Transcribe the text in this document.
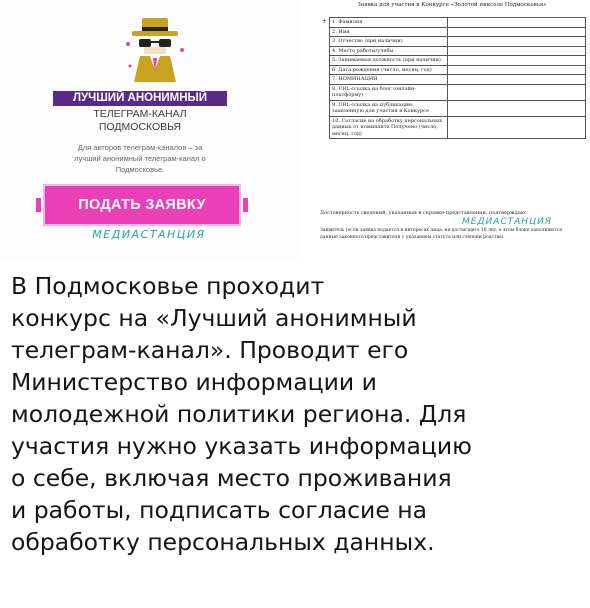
ЛУЧШИЙ АНОНИМНЫЙ
ТЕЛЕГРАМ-КАНАЛ
ПОДМОСКОВЬЯ
Для авторов телеграм-каналов – за
лучший анонимный телеграм-канал о
Подмосковье.
ПОДАТЬ ЗАЯВКУ
МЕДИАСТАНЦИЯ
Заявка для участия в Конкурсе «Золотой пиксель Подмосковья»
+	1. Фамилия	
	2. Имя	
	3. Отчество (при наличии)	
	4. Место работы/учебы	
	5. Занимаемая должность (при наличии)	
	6. Дата рождения (число, месяц, год)	
	7. НОМИНАЦИЯ	
	8. URL-ссылка на блог (онлайн-платформу)	
	9. URL-ссылка на публикацию, заявленную для участия в Конкурсе	
	10. Согласие на обработку персональных данных от номинанта Получено (число, месяц, год)	
Достоверность сведений, указанных в справке-представлении, подтверждаю.
МЕДИАСТАНЦИЯ
Заявитель (если заявка подается в интересах лица, не достигшего 18 лет, в этом блоке заполняются
данные законного представителя с указанием статуса или степени родства)
В Подмосковье проходит
конкурс на «Лучший анонимный
телеграм-канал». Проводит его
Министерство информации и
молодежной политики региона. Для
участия нужно указать информацию
о себе, включая место проживания
и работы, подписать согласие на
обработку персональных данных.
